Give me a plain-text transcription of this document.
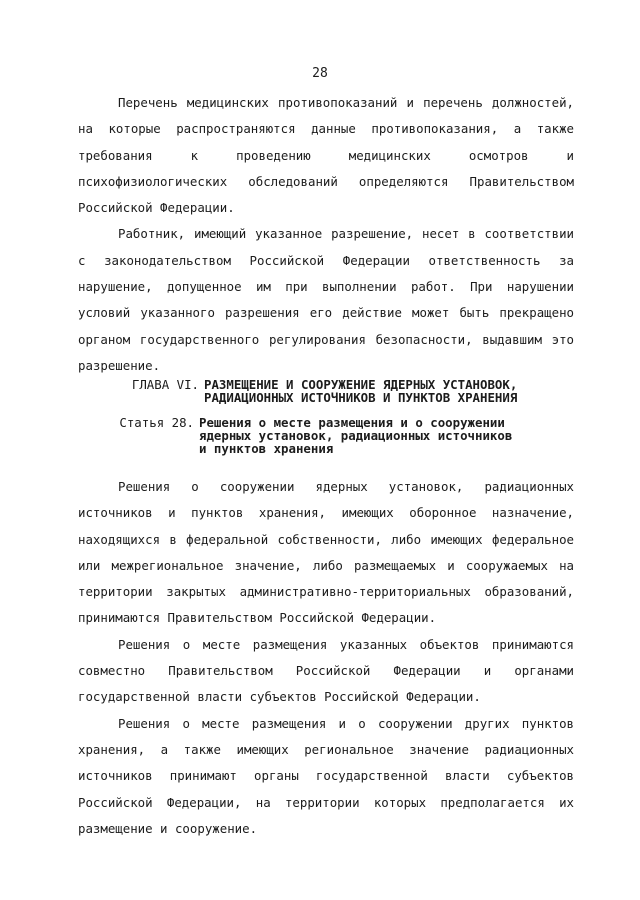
28

Перечень медицинских противопоказаний и перечень должностей, на которые распространяются данные противопоказания, а также требования к проведению медицинских осмотров и психофизиологических обследований определяются Правительством Российской Федерации.

Работник, имеющий указанное разрешение, несет в соответствии с законодательством Российской Федерации ответственность за нарушение, допущенное им при выполнении работ. При нарушении условий указанного разрешения его действие может быть прекращено органом государственного регулирования безопасности, выдавшим это разрешение.

ГЛАВА VI. РАЗМЕЩЕНИЕ И СООРУЖЕНИЕ ЯДЕРНЫХ УСТАНОВОК,
РАДИАЦИОННЫХ ИСТОЧНИКОВ И ПУНКТОВ ХРАНЕНИЯ
Статья 28. Решения о месте размещения и о сооружении
ядерных установок, радиационных источников
и пунктов хранения

Решения о сооружении ядерных установок, радиационных источников и пунктов хранения, имеющих оборонное назначение, находящихся в федеральной собственности, либо имеющих федеральное или межрегиональное значение, либо размещаемых и сооружаемых на территории закрытых административно-территориальных образований, принимаются Правительством Российской Федерации.

Решения о месте размещения указанных объектов принимаются совместно Правительством Российской Федерации и органами государственной власти субъектов Российской Федерации.

Решения о месте размещения и о сооружении других пунктов хранения, а также имеющих региональное значение радиационных источников принимают органы государственной власти субъектов Российской Федерации, на территории которых предполагается их размещение и сооружение.
